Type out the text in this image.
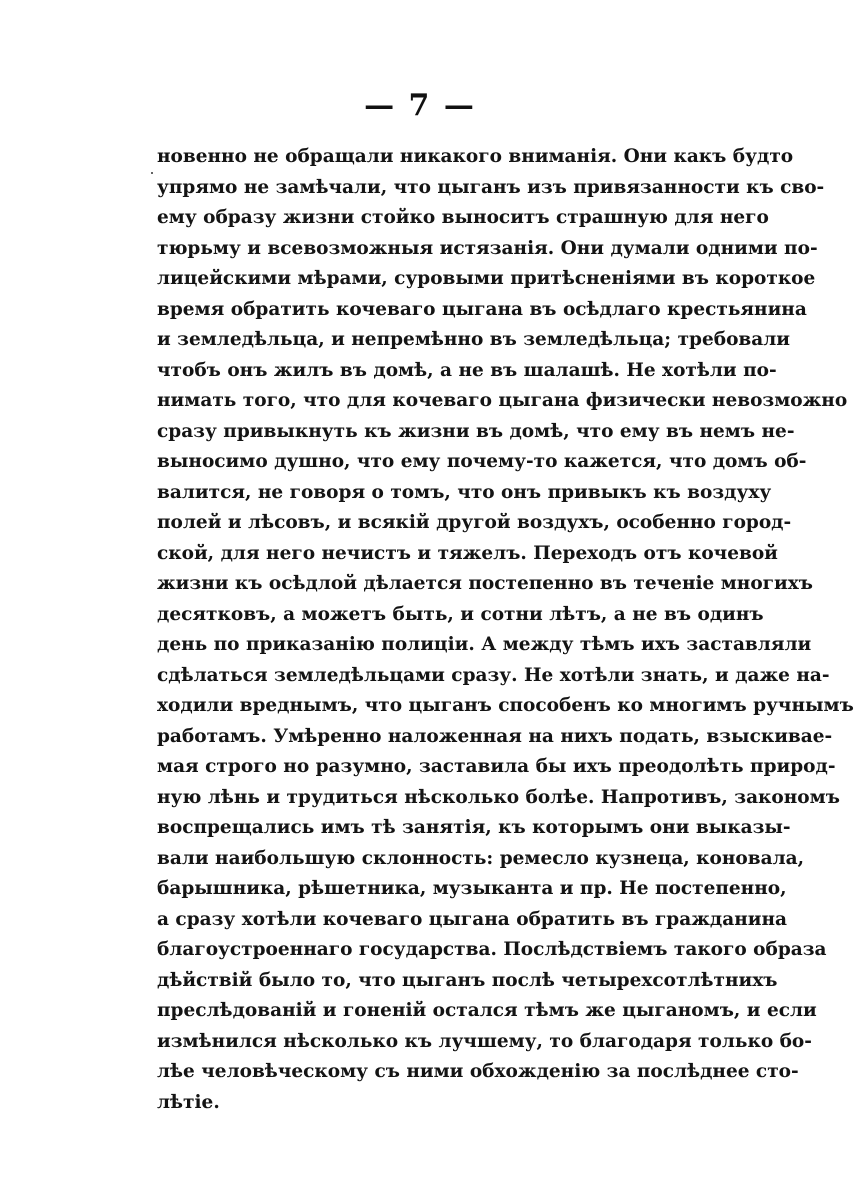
— 7 —
новенно не обращали никакого вниманія. Они какъ будто
упрямо не замѣчали, что цыганъ изъ привязанности къ сво-
ему образу жизни стойко выноситъ страшную для него
тюрьму и всевозможныя истязанія. Они думали одними по-
лицейскими мѣрами, суровыми притѣсненіями въ короткое
время обратить кочеваго цыгана въ осѣдлаго крестьянина
и земледѣльца, и непремѣнно въ земледѣльца; требовали
чтобъ онъ жилъ въ домѣ, а не въ шалашѣ. Не хотѣли по-
нимать того, что для кочеваго цыгана физически невозможно
сразу привыкнуть къ жизни въ домѣ, что ему въ немъ не-
выносимо душно, что ему почему-то кажется, что домъ об-
валится, не говоря о томъ, что онъ привыкъ къ воздуху
полей и лѣсовъ, и всякій другой воздухъ, особенно город-
ской, для него нечистъ и тяжелъ. Переходъ отъ кочевой
жизни къ осѣдлой дѣлается постепенно въ теченіе многихъ
десятковъ, а можетъ быть, и сотни лѣтъ, а не въ одинъ
день по приказанію полиціи. А между тѣмъ ихъ заставляли
сдѣлаться земледѣльцами сразу. Не хотѣли знать, и даже на-
ходили вреднымъ, что цыганъ способенъ ко многимъ ручнымъ
работамъ. Умѣренно наложенная на нихъ подать, взыскивае-
мая строго но разумно, заставила бы ихъ преодолѣть природ-
ную лѣнь и трудиться нѣсколько болѣе. Напротивъ, закономъ
воспрещались имъ тѣ занятія, къ которымъ они выказы-
вали наибольшую склонность: ремесло кузнеца, коновала,
барышника, рѣшетника, музыканта и пр. Не постепенно,
а сразу хотѣли кочеваго цыгана обратить въ гражданина
благоустроеннаго государства. Послѣдствіемъ такого образа
дѣйствій было то, что цыганъ послѣ четырехсотлѣтнихъ
преслѣдованій и гоненій остался тѣмъ же цыганомъ, и если
измѣнился нѣсколько къ лучшему, то благодаря только бо-
лѣе человѣческому съ ними обхожденію за послѣднее сто-
лѣтіе.
